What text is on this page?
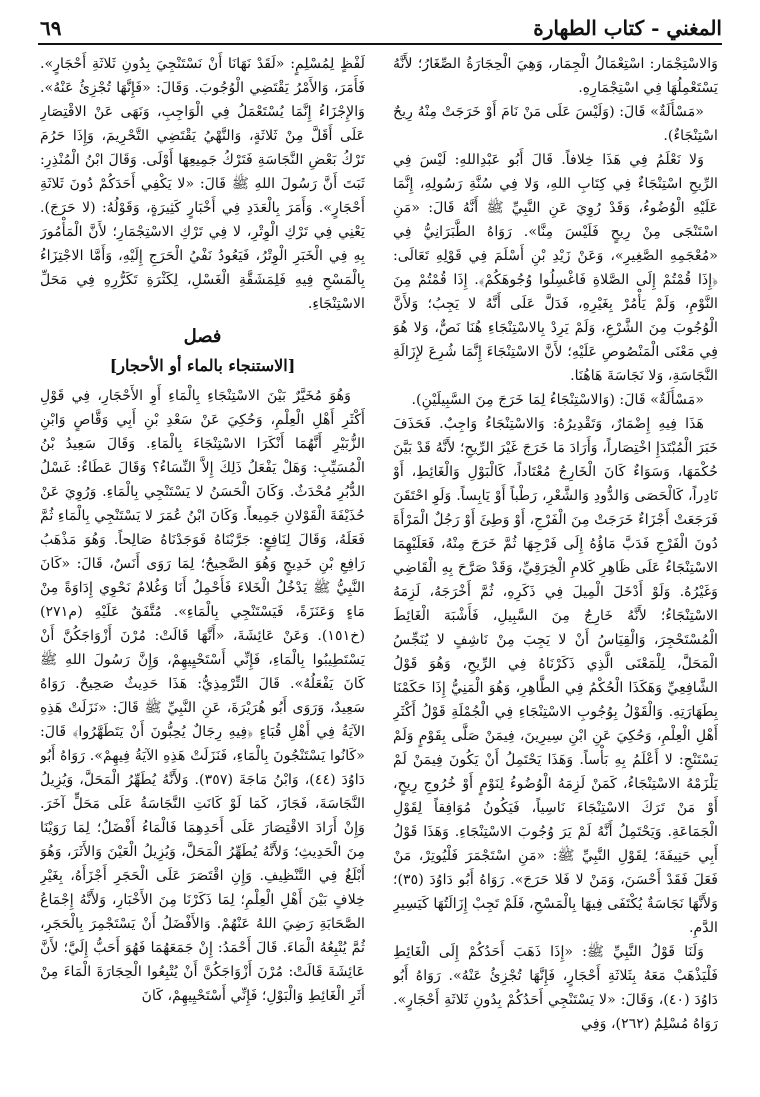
المغني - كتاب الطهارة
٦٩

وَالاسْتِجْمَار: اسْتِعْمَالُ الْجِمَار، وَهِيَ الْحِجَارَةُ الصِّغَارُ؛ لأَنَّهُ يَسْتَعْمِلُهَا فِي اسْتِجْمَارِهِ.

«مَسْأَلَةٌ» قَالَ: (وَلَيْسَ عَلَى مَنْ نَامَ أَوْ خَرَجَتْ مِنْهُ رِيحٌ اسْتِنْجَاءٌ).

وَلا نَعْلَمُ فِي هَذَا خِلافاً. قَالَ أَبُو عَبْدِاللهِ: لَيْسَ فِي الرِّيحِ اسْتِنْجَاءٌ فِي كِتَابِ اللهِ، وَلا فِي سُنَّةِ رَسُولِهِ، إِنَّمَا عَلَيْهِ الْوُضُوءُ، وَقَدْ رُوِيَ عَنِ النَّبِيِّ ﷺ أَنَّهُ قَالَ: «مَنِ اسْتَنْجَى مِنْ رِيحٍ فَلَيْسَ مِنَّا». رَوَاهُ الطَّبَرَانِيُّ فِي «مُعْجَمِهِ الصَّغِيرِ»، وَعَنْ زَيْدِ بْنِ أَسْلَمَ فِي قَوْلِهِ تَعَالَى: ﴿إِذَا قُمْتُمْ إِلَى الصَّلاةِ فَاغْسِلُوا وُجُوهَكُمْ﴾. إِذَا قُمْتُمْ مِنَ النَّوْمِ، وَلَمْ يَأْمُرْ بِغَيْرِهِ، فَدَلَّ عَلَى أَنَّهُ لا يَجِبُ؛ وَلأَنَّ الْوُجُوبَ مِنَ الشَّرْعِ، وَلَمْ يَرِدْ بِالاسْتِنْجَاءِ هُنَا نَصٌّ، وَلا هُوَ فِي مَعْنَى الْمَنْصُوصِ عَلَيْهِ؛ لأَنَّ الاسْتِنْجَاءَ إِنَّمَا شُرِعَ لإِزَالَةِ النَّجَاسَةِ، وَلا نَجَاسَةَ هَاهُنَا.

«مَسْأَلَةٌ» قَالَ: (وَالاسْتِنْجَاءُ لِمَا خَرَجَ مِنَ السَّبِيلَيْنِ).

هَذَا فِيهِ إِضْمَارٌ، وَتَقْدِيرُهُ: وَالاسْتِنْجَاءُ وَاجِبٌ. فَحَذَفَ خَبَرَ الْمُبْتَدَإِ اخْتِصَاراً، وَأَرَادَ مَا خَرَجَ غَيْرَ الرِّيحِ؛ لأَنَّهُ قَدْ بَيَّنَ حُكْمَهَا، وَسَوَاءٌ كَانَ الْخَارِجُ مُعْتَاداً، كَالْبَوْلِ وَالْغَائِطِ، أَوْ نَادِراً، كَالْحَصَى وَالدُّودِ وَالشَّعْرِ، رَطْباً أَوْ يَابِساً. وَلَوِ احْتَقَنَ فَرَجَعَتْ أَجْزَاءٌ خَرَجَتْ مِنَ الْفَرْجِ، أَوْ وَطِئَ أَوْ رَجُلٌ الْمَرْأَةَ دُونَ الْفَرْجِ فَدَبَّ مَاؤُهُ إِلَى فَرْجِهَا ثُمَّ خَرَجَ مِنْهُ، فَعَلَيْهِمَا الاسْتِنْجَاءُ عَلَى ظَاهِرِ كَلامِ الْخِرَقِيِّ، وَقَدْ صَرَّحَ بِهِ الْقَاضِي وَغَيْرُهُ. وَلَوْ أَدْخَلَ الْمِيلَ فِي ذَكَرِهِ، ثُمَّ أَخْرَجَهُ، لَزِمَهُ الاسْتِنْجَاءُ؛ لأَنَّهُ خَارِجٌ مِنَ السَّبِيلِ، فَأَشْبَهَ الْغَائِطَ الْمُسْتَحْجِرَ، وَالْقِيَاسُ أَنْ لا يَجِبَ مِنْ نَاشِفٍ لا يُنَجِّسُ الْمَحَلَّ، لِلْمَعْنَى الَّذِي ذَكَرْنَاهُ فِي الرِّيحِ، وَهُوَ قَوْلُ الشَّافِعِيِّ وَهَكَذَا الْحُكْمُ فِي الطَّاهِرِ، وَهُوَ الْمَنِيُّ إِذَا حَكَمْنَا بِطَهَارَتِهِ. وَالْقَوْلُ بِوُجُوبِ الاسْتِنْجَاءِ فِي الْجُمْلَةِ قَوْلُ أَكْثَرِ أَهْلِ الْعِلْمِ، وَحُكِيَ عَنِ ابْنِ سِيرِينَ، فِيمَنْ صَلَّى بِقَوْمٍ وَلَمْ يَسْتَنْجِ: لا أَعْلَمُ بِهِ بَأْساً. وَهَذَا يَحْتَمِلُ أَنْ يَكُونَ فِيمَنْ لَمْ يَلْزَمْهُ الاسْتِنْجَاءُ، كَمَنْ لَزِمَهُ الْوُضُوءُ لِنَوْمٍ أَوْ خُرُوجِ رِيحٍ، أَوْ مَنْ تَرَكَ الاسْتِنْجَاءَ نَاسِياً، فَيَكُونُ مُوَافِقاً لِقَوْلِ الْجَمَاعَةِ. وَيَحْتَمِلُ أَنَّهُ لَمْ يَرَ وُجُوبَ الاسْتِنْجَاءِ. وَهَذَا قَوْلُ أَبِي حَنِيفَةَ؛ لِقَوْلِ النَّبِيِّ ﷺ: «مَنِ اسْتَجْمَرَ فَلْيُوتِرْ، مَنْ فَعَلَ فَقَدْ أَحْسَنَ، وَمَنْ لا فَلا حَرَجَ». رَوَاهُ أَبُو دَاوُدَ (٣٥)؛ وَلأَنَّهَا نَجَاسَةٌ يُكْتَفَى فِيهَا بِالْمَسْحِ، فَلَمْ تَجِبْ إِزَالَتُهَا كَيَسِيرِ الدَّمِ.

وَلَنَا قَوْلُ النَّبِيِّ ﷺ: «إِذَا ذَهَبَ أَحَدُكُمْ إِلَى الْغَائِطِ فَلْيَذْهَبْ مَعَهُ بِثَلاثَةِ أَحْجَارٍ، فَإِنَّهَا تُجْزِئُ عَنْهُ». رَوَاهُ أَبُو دَاوُدَ (٤٠)، وَقَالَ: «لا يَسْتَنْجِي أَحَدُكُمْ بِدُونِ ثَلاثَةِ أَحْجَارٍ». رَوَاهُ مُسْلِمٌ (٢٦٢)، وَفِي

لَفْظٍ لِمُسْلِمٍ: «لَقَدْ نَهَانَا أَنْ نَسْتَنْجِيَ بِدُونِ ثَلاثَةِ أَحْجَارٍ». فَأَمَرَ، وَالأَمْرُ يَقْتَضِي الْوُجُوبَ. وَقَالَ: «فَإِنَّهَا تُجْزِئُ عَنْهُ». وَالإِجْزَاءُ إِنَّمَا يُسْتَعْمَلُ فِي الْوَاجِبِ، وَنَهَى عَنْ الاقْتِصَارِ عَلَى أَقَلَّ مِنْ ثَلاثَةٍ، وَالنَّهْيُ يَقْتَضِي التَّحْرِيمَ، وَإِذَا حَرُمَ تَرْكُ بَعْضِ النَّجَاسَةِ فَتَرْكُ جَمِيعِهَا أَوْلَى. وَقَالَ ابْنُ الْمُنْذِرِ: ثَبَتَ أَنَّ رَسُولَ اللهِ ﷺ قَالَ: «لا يَكْفِي أَحَدَكُمْ دُونَ ثَلاثَةِ أَحْجَارٍ». وَأَمَرَ بِالْعَدَدِ فِي أَخْبَارٍ كَثِيرَةٍ، وَقَوْلُهُ: (لا حَرَجَ). يَعْنِي فِي تَرْكِ الْوِتْرِ، لا فِي تَرْكِ الاسْتِجْمَارِ؛ لأَنَّ الْمَأْمُورَ بِهِ فِي الْخَبَرِ الْوِتْرُ، فَيَعُودُ نَفْيُ الْحَرَجِ إِلَيْهِ، وَأَمَّا الاجْتِزَاءُ بِالْمَسْحِ فِيهِ فَلِمَشَقَّةِ الْغَسْلِ، لِكَثْرَةِ تَكَرُّرِهِ فِي مَحَلِّ الاسْتِنْجَاءِ.

فصل

[الاستنجاء بالماء أو الأحجار]

وَهُوَ مُخَيَّرٌ بَيْنَ الاسْتِنْجَاءِ بِالْمَاءِ أَوِ الأَحْجَارِ، فِي قَوْلِ أَكْثَرِ أَهْلِ الْعِلْمِ، وَحُكِيَ عَنْ سَعْدِ بْنِ أَبِي وَقَّاصٍ وَابْنِ الزُّبَيْرِ أَنَّهُمَا أَنْكَرَا الاسْتِنْجَاءَ بِالْمَاءِ. وَقَالَ سَعِيدُ بْنُ الْمُسَيِّبِ: وَهَلْ يَفْعَلُ ذَلِكَ إِلاَّ النِّسَاءُ؟ وَقَالَ عَطَاءٌ: غَسْلُ الدُّبُرِ مُحْدَثٌ. وَكَانَ الْحَسَنُ لا يَسْتَنْجِي بِالْمَاءِ. وَرُوِيَ عَنْ حُذَيْفَةَ الْقَوْلانِ جَمِيعاً. وَكَانَ ابْنُ عُمَرَ لا يَسْتَنْجِي بِالْمَاءِ ثُمَّ فَعَلَهُ، وَقَالَ لِنَافِعٍ: جَرَّبْنَاهُ فَوَجَدْنَاهُ صَالِحاً. وَهُوَ مَذْهَبُ رَافِعِ بْنِ خَدِيجٍ وَهُوَ الصَّحِيحُ؛ لِمَا رَوَى أَنَسٌ، قَالَ: «كَانَ النَّبِيُّ ﷺ يَدْخُلُ الْخَلاءَ فَأَحْمِلُ أَنَا وَغُلامٌ نَحْوِي إِدَاوَةً مِنْ مَاءٍ وَعَنَزَةً، فَيَسْتَنْجِي بِالْمَاءِ». مُتَّفَقٌ عَلَيْهِ (م٢٧١) (خ١٥١). وَعَنْ عَائِشَةَ، «أَنَّهَا قَالَتْ: مُرْنَ أَزْوَاجَكُنَّ أَنْ يَسْتَطِيبُوا بِالْمَاءِ، فَإِنِّي أَسْتَحْيِيهِمْ، وَإِنَّ رَسُولَ اللهِ ﷺ كَانَ يَفْعَلُهُ». قَالَ التِّرْمِذِيُّ: هَذَا حَدِيثٌ صَحِيحٌ. رَوَاهُ سَعِيدٌ، وَرَوَى أَبُو هُرَيْرَةَ، عَنِ النَّبِيِّ ﷺ قَالَ: «نَزَلَتْ هَذِهِ الآيَةُ فِي أَهْلِ قُبَاءٍ ﴿فِيهِ رِجَالٌ يُحِبُّونَ أَنْ يَتَطَهَّرُوا﴾ قَالَ: «كَانُوا يَسْتَنْجُونَ بِالْمَاءِ، فَنَزَلَتْ هَذِهِ الآيَةُ فِيهِمْ». رَوَاهُ أَبُو دَاوُدَ (٤٤)، وَابْنُ مَاجَةَ (٣٥٧). وَلأَنَّهُ يُطَهِّرُ الْمَحَلَّ، وَيُزِيلُ النَّجَاسَةَ، فَجَازَ، كَمَا لَوْ كَانَتِ النَّجَاسَةُ عَلَى مَحَلٍّ آخَرَ. وَإِنْ أَرَادَ الاقْتِصَارَ عَلَى أَحَدِهِمَا فَالْمَاءُ أَفْضَلُ؛ لِمَا رَوَيْنَا مِنَ الْحَدِيثِ؛ وَلأَنَّهُ يُطَهِّرُ الْمَحَلَّ، وَيُزِيلُ الْعَيْنَ وَالأَثَرَ، وَهُوَ أَبْلَغُ فِي التَّنْظِيفِ. وَإِنِ اقْتَصَرَ عَلَى الْحَجَرِ أَجْزَأَهُ، بِغَيْرِ خِلافٍ بَيْنَ أَهْلِ الْعِلْمِ؛ لِمَا ذَكَرْنَا مِنَ الأَخْبَارِ، وَلأَنَّهُ إِجْمَاعُ الصَّحَابَةِ رَضِيَ اللهُ عَنْهُمْ. وَالأَفْضَلُ أَنْ يَسْتَجْمِرَ بِالْحَجَرِ، ثُمَّ يُتْبِعُهُ الْمَاءَ. قَالَ أَحْمَدُ: إِنْ جَمَعَهُمَا فَهُوَ أَحَبُّ إِلَيَّ؛ لأَنَّ عَائِشَةَ قَالَتْ: مُرْنَ أَزْوَاجَكُنَّ أَنْ يُتْبِعُوا الْحِجَارَةَ الْمَاءَ مِنْ أَثَرِ الْغَائِطِ وَالْبَوْلِ؛ فَإِنِّي أَسْتَحْيِيهِمْ، كَانَ
